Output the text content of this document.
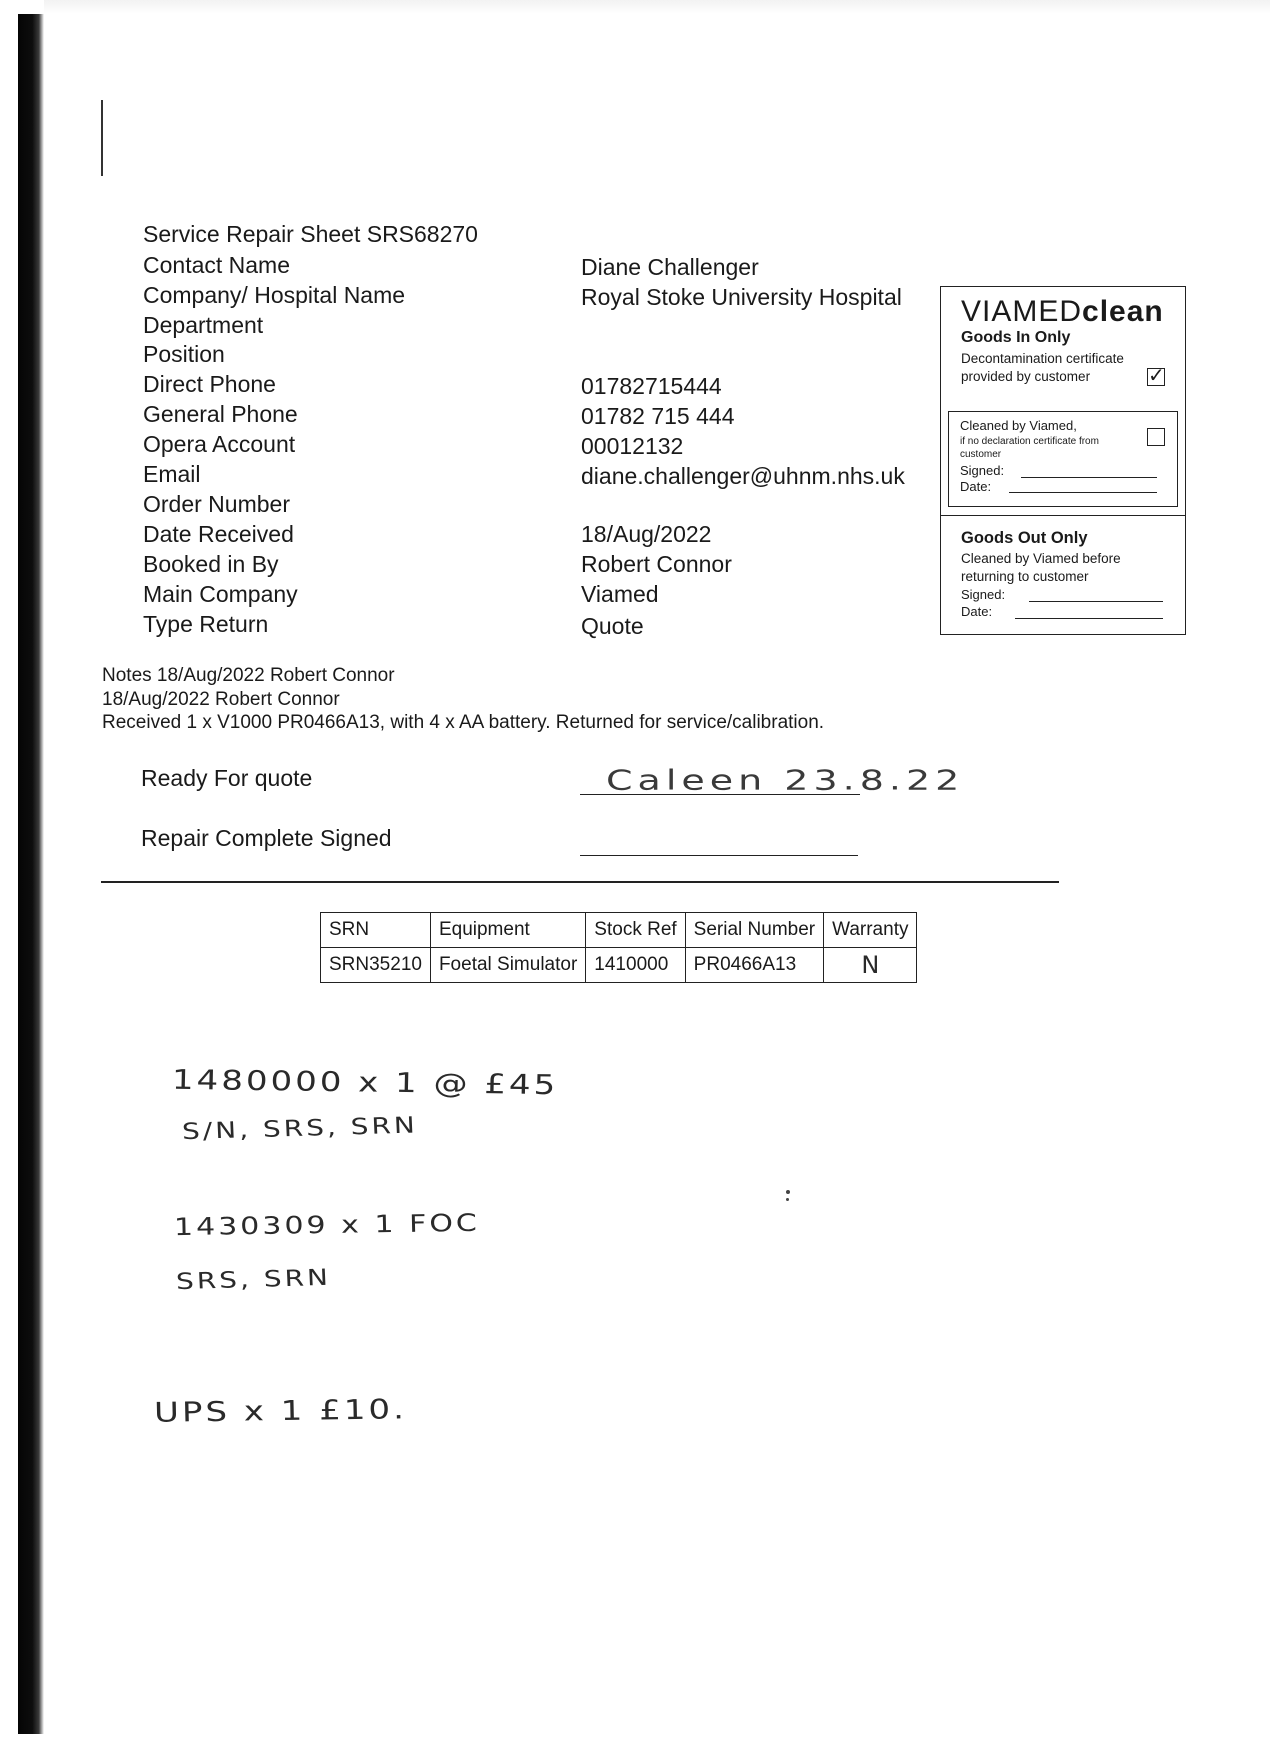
Service Repair Sheet SRS68270
Contact Name	Diane Challenger
Company/ Hospital Name	Royal Stoke University Hospital
Department
Position
Direct Phone	01782715444
General Phone	01782 715 444
Opera Account	00012132
Email	diane.challenger@uhnm.nhs.uk
Order Number
Date Received	18/Aug/2022
Booked in By	Robert Connor
Main Company	Viamed
Type Return	Quote
VIAMEDclean
Goods In Only
Decontamination certificate provided by customer	✓
Cleaned by Viamed,
if no declaration certificate from customer
Signed:
Date:
Goods Out Only
Cleaned by Viamed before returning to customer
Signed:
Date:
Notes 18/Aug/2022 Robert Connor
18/Aug/2022 Robert Connor
Received 1 x V1000 PR0466A13, with 4 x AA battery. Returned for service/calibration.
Ready For quote	Caleen 23.8.22
Repair Complete Signed
SRN	Equipment	Stock Ref	Serial Number	Warranty
SRN35210	Foetal Simulator	1410000	PR0466A13	N
1480000 x 1 @ £45
S/N, SRS, SRN
1430309 x 1 FOC
SRS, SRN
UPS x 1 £10.
